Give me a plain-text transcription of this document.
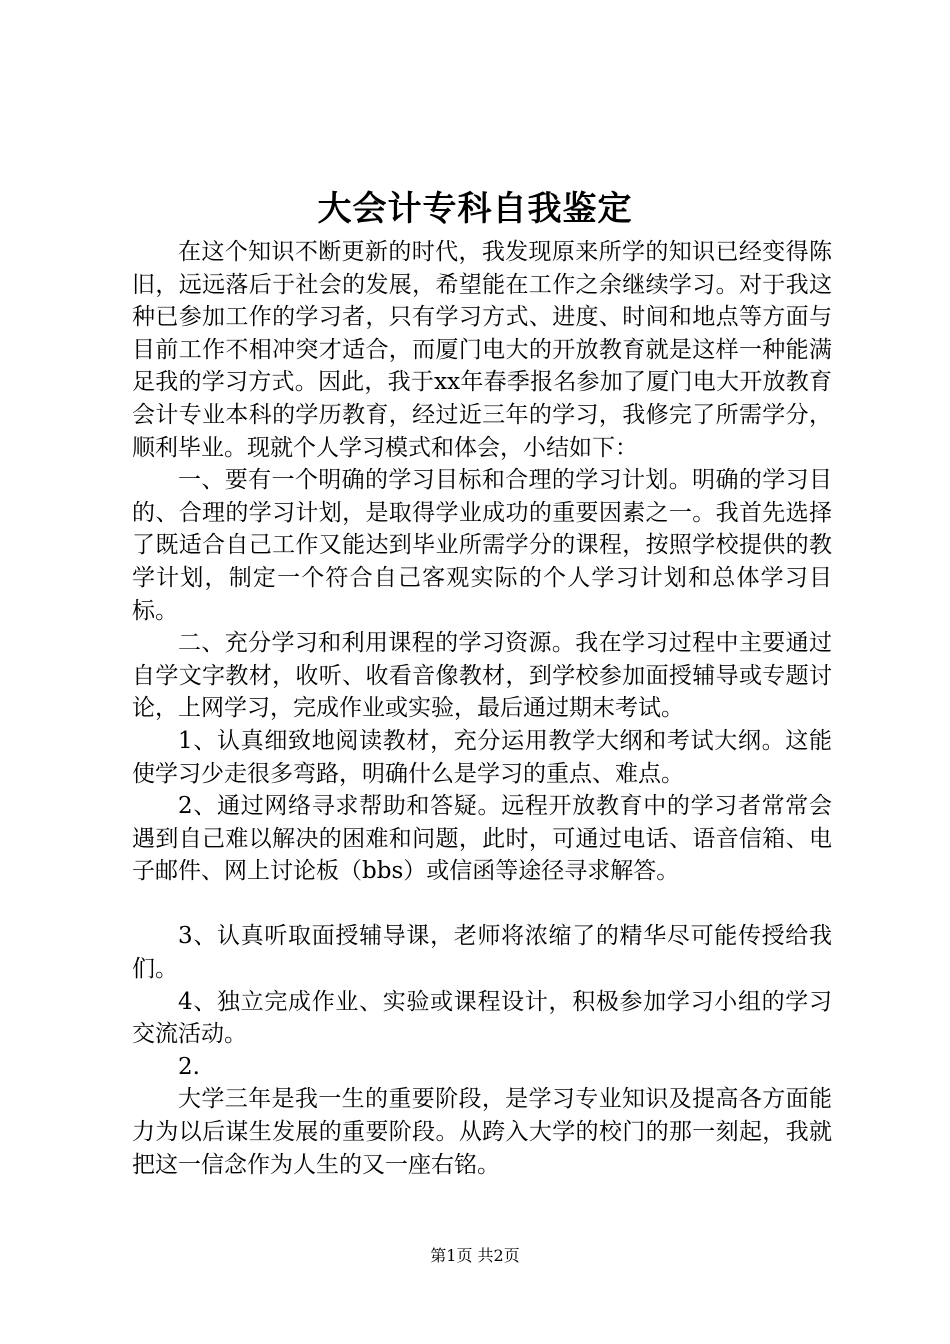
大会计专科自我鉴定

在这个知识不断更新的时代，我发现原来所学的知识已经变得陈旧，远远落后于社会的发展，希望能在工作之余继续学习。对于我这种已参加工作的学习者，只有学习方式、进度、时间和地点等方面与目前工作不相冲突才适合，而厦门电大的开放教育就是这样一种能满足我的学习方式。因此，我于xx年春季报名参加了厦门电大开放教育会计专业本科的学历教育，经过近三年的学习，我修完了所需学分，顺利毕业。现就个人学习模式和体会，小结如下：

一、要有一个明确的学习目标和合理的学习计划。明确的学习目的、合理的学习计划，是取得学业成功的重要因素之一。我首先选择了既适合自己工作又能达到毕业所需学分的课程，按照学校提供的教学计划，制定一个符合自己客观实际的个人学习计划和总体学习目标。

二、充分学习和利用课程的学习资源。我在学习过程中主要通过自学文字教材，收听、收看音像教材，到学校参加面授辅导或专题讨论，上网学习，完成作业或实验，最后通过期末考试。

1、认真细致地阅读教材，充分运用教学大纲和考试大纲。这能使学习少走很多弯路，明确什么是学习的重点、难点。

2、通过网络寻求帮助和答疑。远程开放教育中的学习者常常会遇到自己难以解决的困难和问题，此时，可通过电话、语音信箱、电子邮件、网上讨论板（bbs）或信函等途径寻求解答。

3、认真听取面授辅导课，老师将浓缩了的精华尽可能传授给我们。

4、独立完成作业、实验或课程设计，积极参加学习小组的学习交流活动。

2.

大学三年是我一生的重要阶段，是学习专业知识及提高各方面能力为以后谋生发展的重要阶段。从跨入大学的校门的那一刻起，我就把这一信念作为人生的又一座右铭。

第1页 共2页
